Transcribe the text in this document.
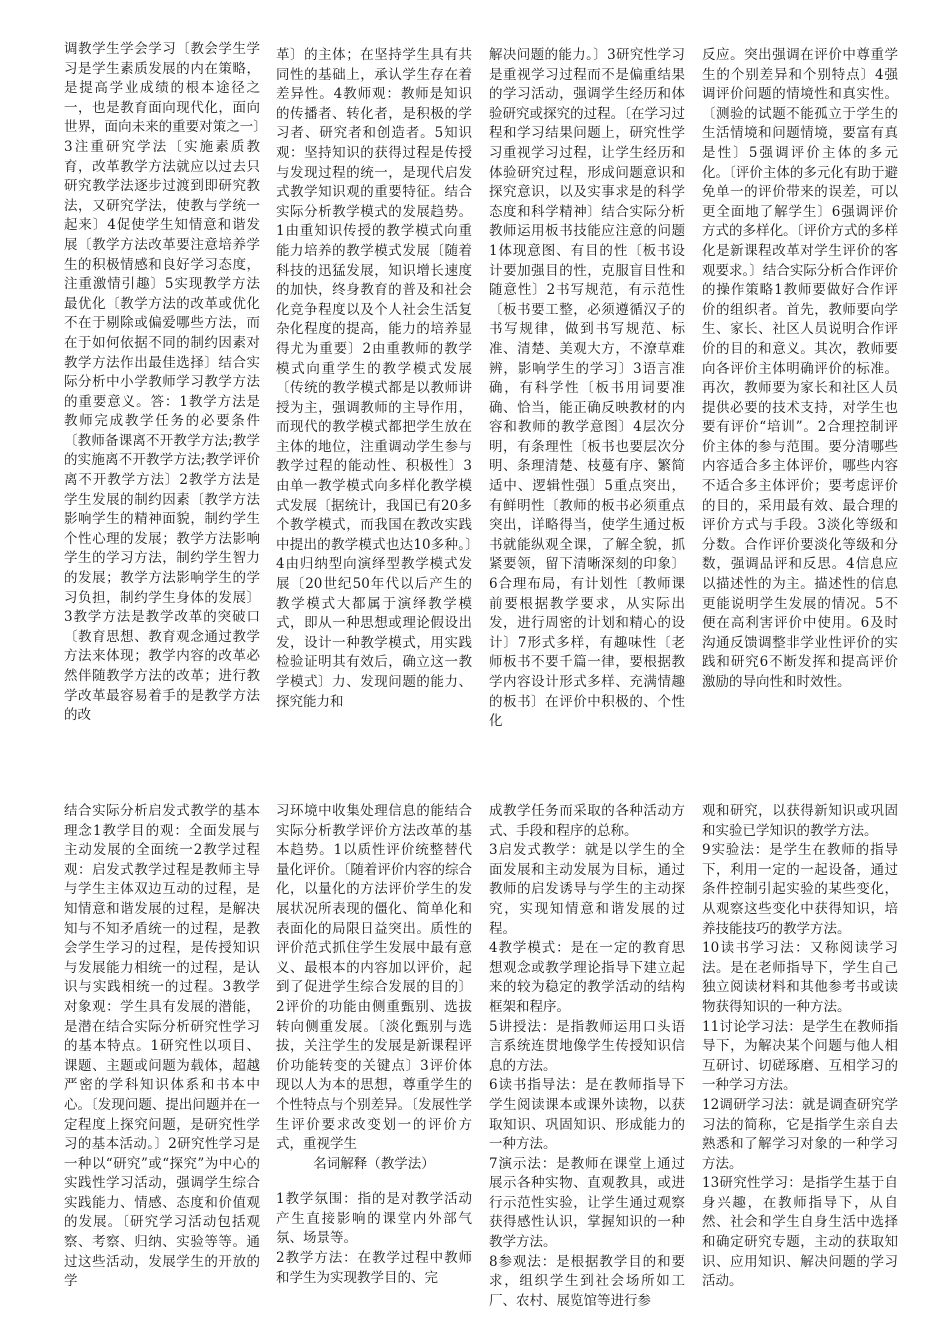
调教学生学会学习〔教会学生学习是学生素质发展的内在策略，是提高学业成绩的根本途径之一，也是教育面向现代化，面向世界，面向未来的重要对策之一〕3注重研究学法〔实施素质教育，改革教学方法就应以过去只研究教学法逐步过渡到即研究教法，又研究学法，使教与学统一起来〕4促使学生知情意和谐发展〔教学方法改革要注意培养学生的积极情感和良好学习态度，注重激情引趣〕5实现教学方法最优化〔教学方法的改革或优化不在于剔除或偏爱哪些方法，而在于如何依据不同的制约因素对教学方法作出最佳选择〕结合实际分析中小学教师学习教学方法的重要意义。答：1教学方法是教师完成教学任务的必要条件〔教师备课离不开教学方法;教学的实施离不开教学方法;教学评价离不开教学方法〕2教学方法是学生发展的制约因素〔教学方法影响学生的精神面貌，制约学生个性心理的发展；教学方法影响学生的学习方法，制约学生智力的发展；教学方法影响学生的学习负担，制约学生身体的发展〕3教学方法是教学改革的突破口〔教育思想、教育观念通过教学方法来体现；教学内容的改革必然伴随教学方法的改革；进行教学改革最容易着手的是教学方法的改
革〕的主体；在坚持学生具有共同性的基础上，承认学生存在着差异性。4教师观：教师是知识的传播者、转化者，是积极的学习者、研究者和创造者。5知识观：坚持知识的获得过程是传授与发现过程的统一，是现代启发式教学知识观的重要特征。结合实际分析教学模式的发展趋势。1由重知识传授的教学模式向重能力培养的教学模式发展〔随着科技的迅猛发展，知识增长速度的加快，终身教育的普及和社会化竞争程度以及个人社会生活复杂化程度的提高，能力的培养显得尤为重要〕2由重教师的教学模式向重学生的教学模式发展〔传统的教学模式都是以教师讲授为主，强调教师的主导作用，而现代的教学模式都把学生放在主体的地位，注重调动学生参与教学过程的能动性、积极性〕3由单一教学模式向多样化教学模式发展〔据统计，我国已有20多个教学模式，而我国在教改实践中提出的教学模式也达10多种。〕4由归纳型向演绎型教学模式发展〔20世纪50年代以后产生的教学模式大都属于演绎教学模式，即从一种思想或理论假设出发，设计一种教学模式，用实践检验证明其有效后，确立这一教学模式〕力、发现问题的能力、探究能力和
解决问题的能力。〕3研究性学习是重视学习过程而不是偏重结果的学习活动，强调学生经历和体验研究或探究的过程。〔在学习过程和学习结果问题上，研究性学习重视学习过程，让学生经历和体验研究过程，形成问题意识和探究意识，以及实事求是的科学态度和科学精神〕结合实际分析教师运用板书技能应注意的问题1体现意图、有目的性〔板书设计要加强目的性，克服盲目性和随意性〕2书写规范，有示范性〔板书要工整，必须遵循汉子的书写规律，做到书写规范、标准、清楚、美观大方，不潦草难辨，影响学生的学习〕3语言准确，有科学性〔板书用词要准确、恰当，能正确反映教材的内容和教师的教学意图〕4层次分明，有条理性〔板书也要层次分明、条理清楚、枝蔓有序、繁简适中、逻辑性强〕5重点突出，有鲜明性〔教师的板书必须重点突出，详略得当，使学生通过板书就能纵观全课，了解全貌，抓紧要领，留下清晰深刻的印象〕6合理布局，有计划性〔教师课前要根据教学要求，从实际出发，进行周密的计划和精心的设计〕7形式多样，有趣味性〔老师板书不要千篇一律，要根据教学内容设计形式多样、充满情趣的板书〕在评价中积极的、个性化
反应。突出强调在评价中尊重学生的个别差异和个别特点〕4强调评价问题的情境性和真实性。〔测验的试题不能孤立于学生的生活情境和问题情境，要富有真是性〕5强调评价主体的多元化。〔评价主体的多元化有助于避免单一的评价带来的误差，可以更全面地了解学生〕6强调评价方式的多样化。〔评价方式的多样化是新课程改革对学生评价的客观要求。〕结合实际分析合作评价的操作策略1教师要做好合作评价的组织者。首先，教师要向学生、家长、社区人员说明合作评价的目的和意义。其次，教师要向各评价主体明确评价的标准。再次，教师要为家长和社区人员提供必要的技术支持，对学生也要有评价“培训”。2合理控制评价主体的参与范围。要分清哪些内容适合多主体评价，哪些内容不适合多主体评价；要考虑评价的目的，采用最有效、最合理的评价方式与手段。3淡化等级和分数。合作评价要淡化等级和分数，强调品评和反思。4信息应以描述性的为主。描述性的信息更能说明学生发展的情况。5不便在高利害评价中使用。6及时沟通反馈调整非学业性评价的实践和研究6不断发挥和提高评价激励的导向性和时效性。
结合实际分析启发式教学的基本理念1教学目的观：全面发展与主动发展的全面统一2教学过程观：启发式教学过程是教师主导与学生主体双边互动的过程，是知情意和谐发展的过程，是解决知与不知矛盾统一的过程，是教会学生学习的过程，是传授知识与发展能力相统一的过程，是认识与实践相统一的过程。3教学对象观：学生具有发展的潜能，是潜在结合实际分析研究性学习的基本特点。1研究性以项目、课题、主题或问题为载体，超越严密的学科知识体系和书本中心。〔发现问题、提出问题并在一定程度上探究问题，是研究性学习的基本活动。〕2研究性学习是一种以“研究”或“探究”为中心的实践性学习活动，强调学生综合实践能力、情感、态度和价值观的发展。〔研究学习活动包括观察、考察、归纳、实验等等。通过这些活动，发展学生的开放的学
习环境中收集处理信息的能结合实际分析教学评价方法改革的基本趋势。1以质性评价统整替代量化评价。〔随着评价内容的综合化，以量化的方法评价学生的发展状况所表现的僵化、简单化和表面化的局限日益突出。质性的评价范式抓住学生发展中最有意义、最根本的内容加以评价，起到了促进学生综合发展的目的〕2评价的功能由侧重甄别、选拔转向侧重发展。〔淡化甄别与选拔，关注学生的发展是新课程评价功能转变的关键点〕3评价体现以人为本的思想，尊重学生的个性特点与个别差异。〔发展性学生评价要求改变划一的评价方式，重视学生
名词解释（教学法）
1教学氛围：指的是对教学活动产生直接影响的课堂内外部气氛、场景等。
2教学方法：在教学过程中教师和学生为实现教学目的、完
成教学任务而采取的各种活动方式、手段和程序的总称。
3启发式教学：就是以学生的全面发展和主动发展为目标，通过教师的启发诱导与学生的主动探究，实现知情意和谐发展的过程。
4教学模式：是在一定的教育思想观念或教学理论指导下建立起来的较为稳定的教学活动的结构框架和程序。
5讲授法：是指教师运用口头语言系统连贯地像学生传授知识信息的方法。
6读书指导法：是在教师指导下学生阅读课本或课外读物，以获取知识、巩固知识、形成能力的一种方法。
7演示法：是教师在课堂上通过展示各种实物、直观教具，或进行示范性实验，让学生通过观察获得感性认识，掌握知识的一种教学方法。
8参观法：是根据教学目的和要求，组织学生到社会场所如工厂、农村、展览馆等进行参
观和研究，以获得新知识或巩固和实验已学知识的教学方法。
9实验法：是学生在教师的指导下，利用一定的一起设备，通过条件控制引起实验的某些变化，从观察这些变化中获得知识，培养技能技巧的教学方法。
10读书学习法：又称阅读学习法。是在老师指导下，学生自己独立阅读材料和其他参考书或读物获得知识的一种方法。
11讨论学习法：是学生在教师指导下，为解决某个问题与他人相互研讨、切磋琢磨、互相学习的一种学习方法。
12调研学习法：就是调查研究学习法的简称，它是指学生亲自去熟悉和了解学习对象的一种学习方法。
13研究性学习：是指学生基于自身兴趣，在教师指导下，从自然、社会和学生自身生活中选择和确定研究专题，主动的获取知识、应用知识、解决问题的学习活动。
